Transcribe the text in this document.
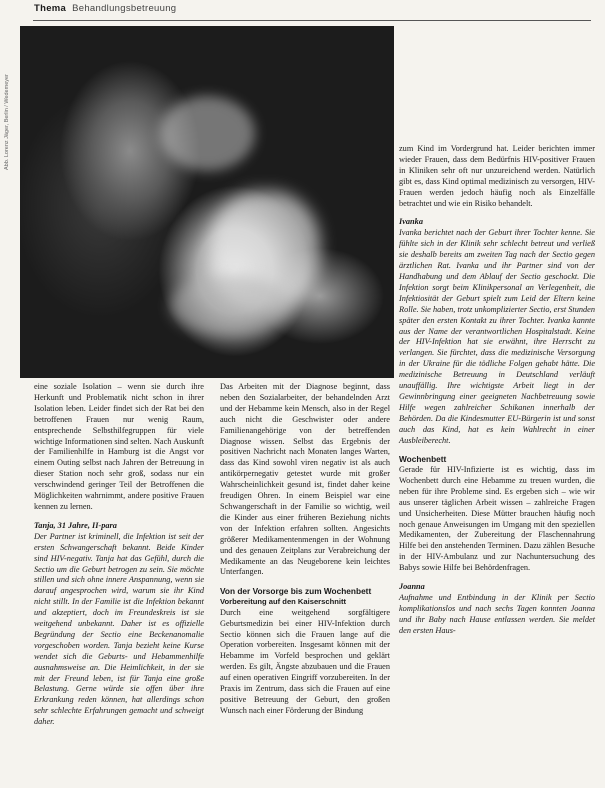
Thema Behandlungsbetreuung
Abb. Lorenz Jäger, Berlin / Wedemeyer

eine soziale Isolation – wenn sie durch ihre Herkunft und Problematik nicht schon in ihrer Isolation leben. Leider findet sich der Rat bei den betroffenen Frauen nur wenig Raum, entsprechende Selbsthilfegruppen für viele wichtige Informationen sind selten. Nach Auskunft der Familienhilfe in Hamburg ist die Angst vor einem Outing selbst nach Jahren der Betreuung in dieser Station noch sehr groß, sodass nur ein verschwindend geringer Teil der Betroffenen die Möglichkeiten wahrnimmt, andere positive Frauen kennen zu lernen.

Tanja, 31 Jahre, II-para

Der Partner ist kriminell, die Infektion ist seit der ersten Schwangerschaft bekannt. Beide Kinder sind HIV-negativ. Tanja hat das Gefühl, durch die Sectio um die Geburt betrogen zu sein. Sie möchte stillen und sich ohne innere Anspannung, wenn sie darauf angesprochen wird, warum sie ihr Kind nicht stillt. In der Familie ist die Infektion bekannt und akzeptiert, doch im Freundeskreis ist sie weitgehend unbekannt. Daher ist es offizielle Begründung der Sectio eine Beckenanomalie vorgeschoben worden. Tanja bezieht keine Kurse wendet sich die Geburts- und Hebammenhilfe ausnahmsweise an. Die Heimlichkeit, in der sie mit der Freund leben, ist für Tanja eine große Belastung. Gerne würde sie offen über ihre Erkrankung reden können, hat allerdings schon sehr schlechte Erfahrungen gemacht und schweigt daher.

Das Arbeiten mit der Diagnose beginnt, dass neben den Sozialarbeiter, der behandelnden Arzt und der Hebamme kein Mensch, also in der Regel auch nicht die Geschwister oder andere Familienangehörige von der betreffenden Diagnose wissen. Selbst das Ergebnis der positiven Nachricht nach Monaten langes Warten, dass das Kind sowohl viren negativ ist als auch antikörpernegativ getestet wurde mit großer Wahrscheinlichkeit gesund ist, findet daher keine freudigen Ohren. In einem Beispiel war eine Schwangerschaft in der Familie so wichtig, weil die Kinder aus einer früheren Beziehung nichts von der Infektion erfahren sollten. Angesichts größerer Medikamentenmengen in der Wohnung und des genauen Zeitplans zur Verabreichung der Medikamente an das Neugeborene kein leichtes Unterfangen.

Von der Vorsorge bis zum Wochenbett

Vorbereitung auf den Kaiserschnitt

Durch eine weitgehend sorgfältigere Geburtsmedizin bei einer HIV-Infektion durch Sectio können sich die Frauen lange auf die Operation vorbereiten. Insgesamt können mit der Hebamme im Vorfeld besprochen und geklärt werden. Es gilt, Ängste abzubauen und die Frauen auf einen operativen Eingriff vorzubereiten. In der Praxis im Zentrum, dass sich die Frauen auf eine positive Betreuung der Geburt, den großen Wunsch nach einer Förderung der Bindung

zum Kind im Vordergrund hat. Leider berichten immer wieder Frauen, dass dem Bedürfnis HIV-positiver Frauen in Kliniken sehr oft nur unzureichend werden. Natürlich gibt es, dass Kind optimal medizinisch zu versorgen, HIV-Frauen werden jedoch häufig noch als Einzelfälle betrachtet und wie ein Risiko behandelt.

Ivanka

Ivanka berichtet nach der Geburt ihrer Tochter kenne. Sie fühlte sich in der Klinik sehr schlecht betreut und verließ sie deshalb bereits am zweiten Tag nach der Sectio gegen ärztlichen Rat. Ivanka und ihr Partner sind von der Handhabung und dem Ablauf der Sectio geschockt. Die Infektion sorgt beim Klinikpersonal an Verlegenheit, die Infektiosität der Geburt spielt zum Leid der Eltern keine Rolle. Sie haben, trotz unkomplizierter Sectio, erst Stunden später den ersten Kontakt zu ihrer Tochter. Ivanka kannte aus der Name der verantwortlichen Hospitalstadt. Keine der HIV-Infektion hat sie erwähnt, ihre Herrscht zu verlangen. Sie fürchtet, dass die medizinische Versorgung in der Ukraine für die tödliche Folgen gehabt hätte. Die medizinische Betreuung in Deutschland verläuft unauffällig. Ihre wichtigste Arbeit liegt in der Gewinnbringung einer geeigneten Nachbetreuung sowie Hilfe wegen zahlreicher Schikanen innerhalb der Behörden. Da die Kindesmutter EU-Bürgerin ist und sonst auch das Kind, hat es kein Wahlrecht in einer Ausbleiberecht.

Wochenbett

Gerade für HIV-Infizierte ist es wichtig, dass im Wochenbett durch eine Hebamme zu treuen wurden, die neben für ihre Probleme sind. Es ergeben sich – wie wir aus unserer täglichen Arbeit wissen – zahlreiche Fragen und Unsicherheiten. Diese Mütter brauchen häufig noch noch genaue Anweisungen im Umgang mit den speziellen Medikamenten, der Zubereitung der Flaschennahrung Hilfe bei den anstehenden Terminen. Dazu zählen Besuche in der HIV-Ambulanz und zur Nachuntersuchung des Babys sowie Hilfe bei Behördenfragen.

Joanna

Aufnahme und Entbindung in der Klinik per Sectio komplikationslos und nach sechs Tagen konnten Joanna und ihr Baby nach Hause entlassen werden. Sie meldet den ersten Haus-
